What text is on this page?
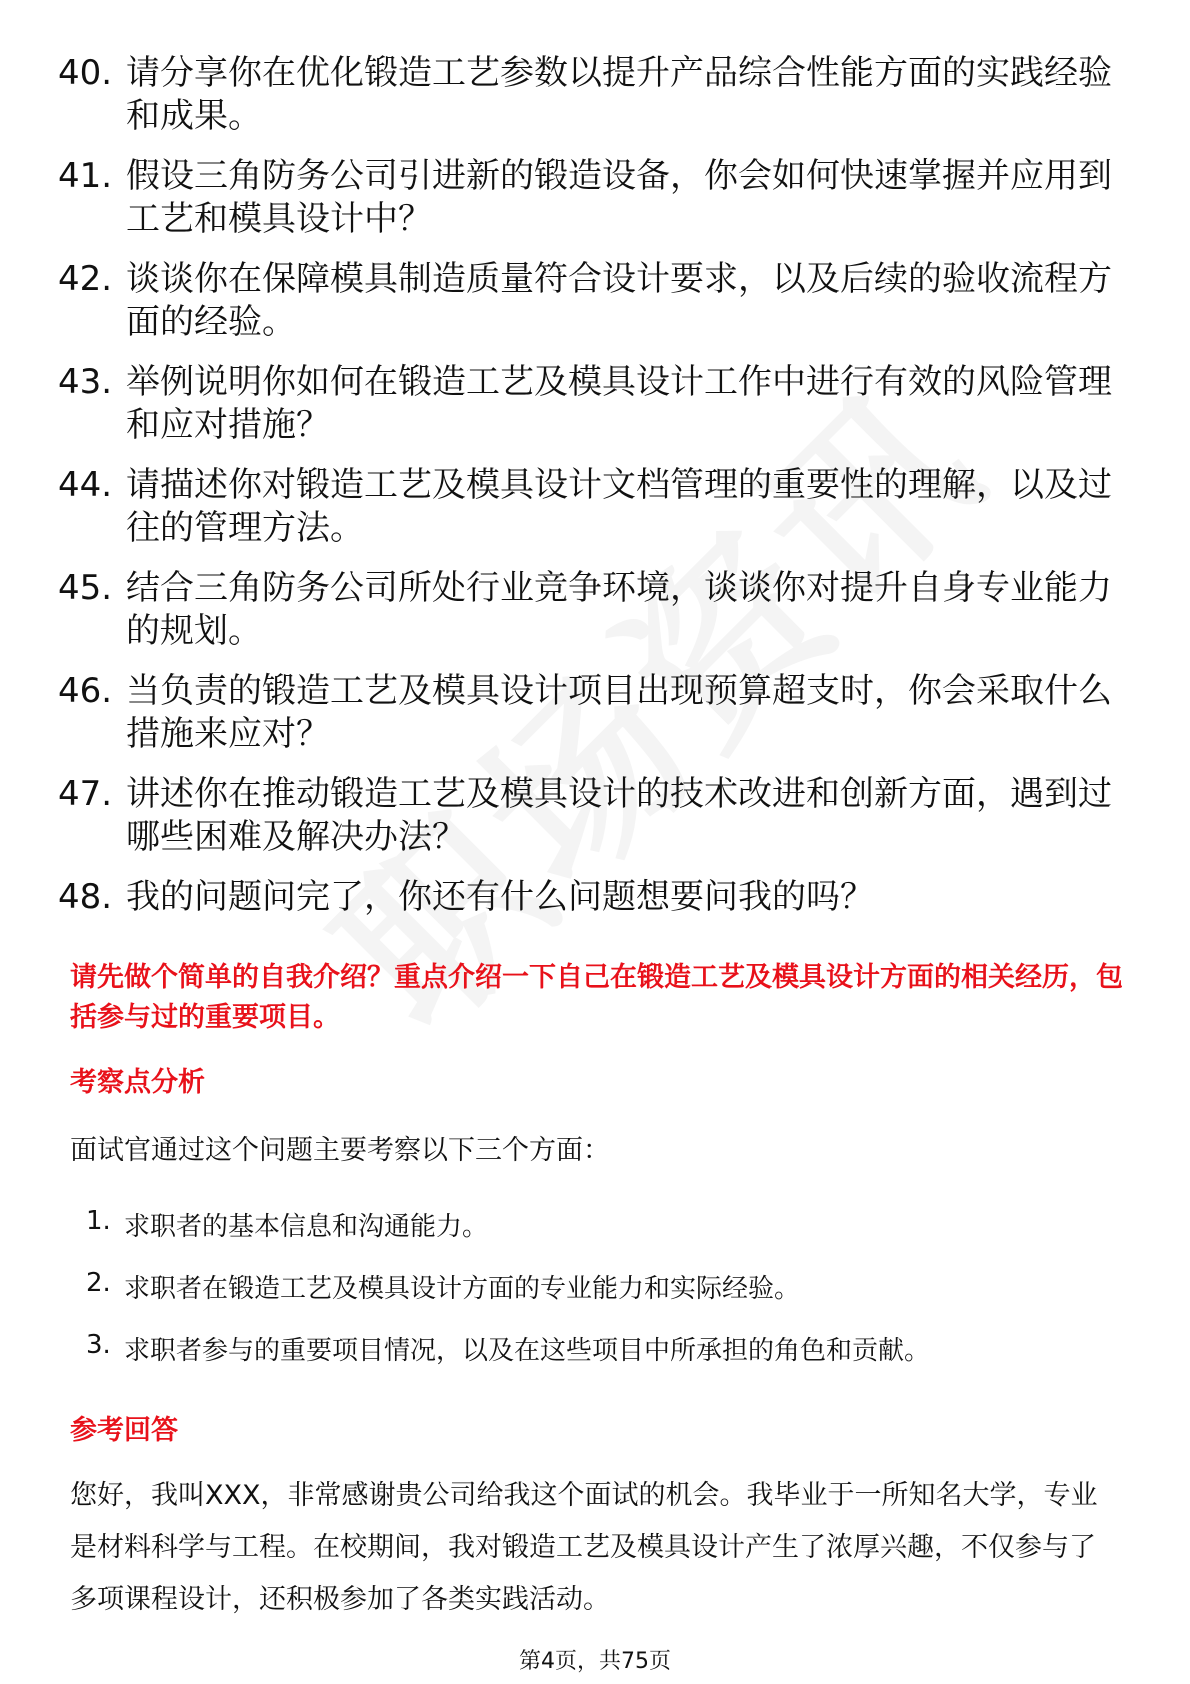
40. 请分享你在优化锻造工艺参数以提升产品综合性能方面的实践经验和成果。
41. 假设三角防务公司引进新的锻造设备，你会如何快速掌握并应用到工艺和模具设计中？
42. 谈谈你在保障模具制造质量符合设计要求，以及后续的验收流程方面的经验。
43. 举例说明你如何在锻造工艺及模具设计工作中进行有效的风险管理和应对措施？
44. 请描述你对锻造工艺及模具设计文档管理的重要性的理解，以及过往的管理方法。
45. 结合三角防务公司所处行业竞争环境，谈谈你对提升自身专业能力的规划。
46. 当负责的锻造工艺及模具设计项目出现预算超支时，你会采取什么措施来应对？
47. 讲述你在推动锻造工艺及模具设计的技术改进和创新方面，遇到过哪些困难及解决办法？
48. 我的问题问完了，你还有什么问题想要问我的吗？
请先做个简单的自我介绍？重点介绍一下自己在锻造工艺及模具设计方面的相关经历，包括参与过的重要项目。
考察点分析
面试官通过这个问题主要考察以下三个方面：
1. 求职者的基本信息和沟通能力。
2. 求职者在锻造工艺及模具设计方面的专业能力和实际经验。
3. 求职者参与的重要项目情况，以及在这些项目中所承担的角色和贡献。
参考回答
您好，我叫XXX，非常感谢贵公司给我这个面试的机会。我毕业于一所知名大学，专业是材料科学与工程。在校期间，我对锻造工艺及模具设计产生了浓厚兴趣，不仅参与了多项课程设计，还积极参加了各类实践活动。
第4页，共75页
